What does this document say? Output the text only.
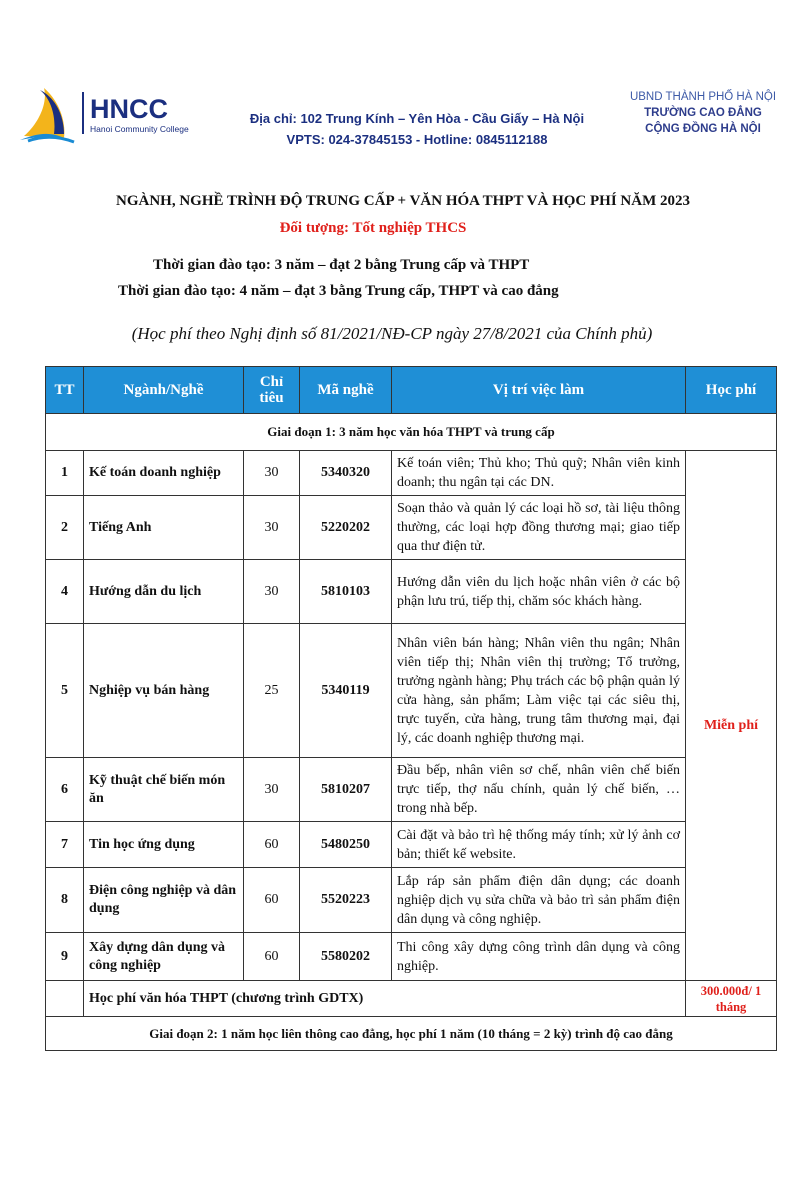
HNCC
Hanoi Community College
Địa chỉ: 102 Trung Kính – Yên Hòa - Cầu Giấy – Hà Nội
VPTS: 024-37845153 - Hotline: 0845112188
UBND THÀNH PHỐ HÀ NỘI
TRƯỜNG CAO ĐẲNG
CỘNG ĐỒNG HÀ NỘI
NGÀNH, NGHỀ TRÌNH ĐỘ TRUNG CẤP + VĂN HÓA THPT VÀ HỌC PHÍ NĂM 2023
Đối tượng: Tốt nghiệp THCS
Thời gian đào tạo: 3 năm – đạt 2 bằng Trung cấp và THPT
Thời gian đào tạo: 4 năm – đạt 3 bằng Trung cấp, THPT và cao đẳng
(Học phí theo Nghị định số 81/2021/NĐ-CP ngày 27/8/2021 của Chính phủ)
TT	Ngành/Nghề	Chỉ
tiêu	Mã nghề	Vị trí việc làm	Học phí
Giai đoạn 1: 3 năm học văn hóa THPT và trung cấp					
1	Kế toán doanh nghiệp	30	5340320	Kế toán viên; Thủ kho; Thủ quỹ; Nhân viên kinh doanh; thu ngân tại các DN.	Miễn phí
2	Tiếng Anh	30	5220202	Soạn thảo và quản lý các loại hồ sơ, tài liệu thông thường, các loại hợp đồng thương mại; giao tiếp qua thư điện tử.	
4	Hướng dẫn du lịch	30	5810103	Hướng dẫn viên du lịch hoặc nhân viên ở các bộ phận lưu trú, tiếp thị, chăm sóc khách hàng.	
5	Nghiệp vụ bán hàng	25	5340119	Nhân viên bán hàng; Nhân viên thu ngân; Nhân viên tiếp thị; Nhân viên thị trường; Tổ trưởng, trưởng ngành hàng; Phụ trách các bộ phận quản lý cửa hàng, sản phẩm; Làm việc tại các siêu thị, trực tuyến, cửa hàng, trung tâm thương mại, đại lý, các doanh nghiệp thương mại.	
6	Kỹ thuật chế biến món ăn	30	5810207	Đầu bếp, nhân viên sơ chế, nhân viên chế biến trực tiếp, thợ nấu chính, quản lý chế biến, … trong nhà bếp.	
7	Tin học ứng dụng	60	5480250	Cài đặt và bảo trì hệ thống máy tính; xử lý ảnh cơ bản; thiết kế website.	
8	Điện công nghiệp và dân dụng	60	5520223	Lắp ráp sản phẩm điện dân dụng; các doanh nghiệp dịch vụ sửa chữa và bảo trì sản phẩm điện dân dụng và công nghiệp.	
9	Xây dựng dân dụng và công nghiệp	60	5580202	Thi công xây dựng công trình dân dụng và công nghiệp.	
	Học phí văn hóa THPT (chương trình GDTX)				300.000đ/ 1
tháng

Giai đoạn 2: 1 năm học liên thông cao đẳng, học phí 1 năm (10 tháng = 2 kỳ) trình độ cao đẳng					
